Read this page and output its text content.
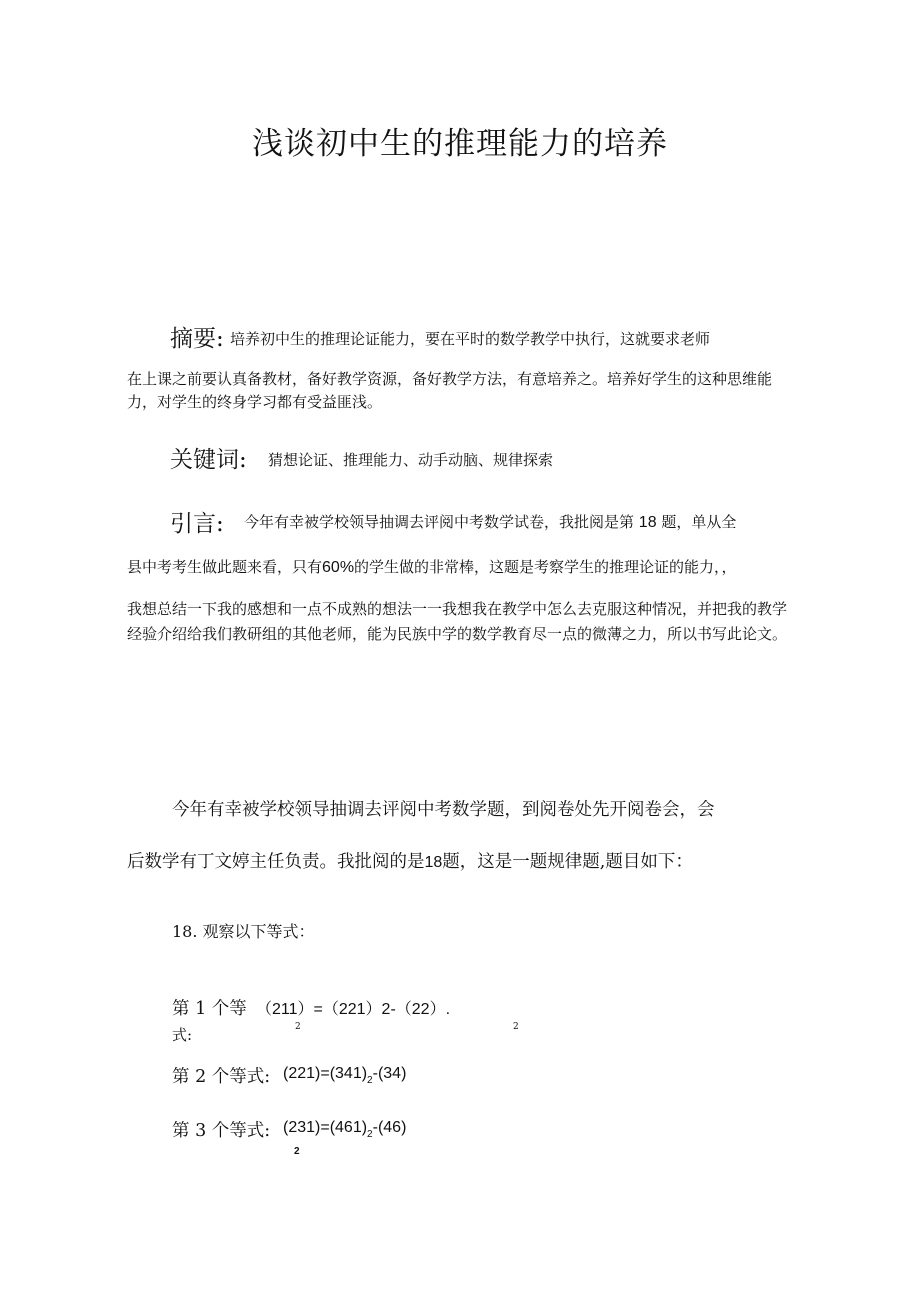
浅谈初中生的推理能力的培养
摘要: 培养初中生的推理论证能力，要在平时的数学教学中执行，这就要求老师
在上课之前要认真备教材，备好教学资源，备好教学方法，有意培养之。培养好学生的这种思维能
力，对学生的终身学习都有受益匪浅。
关键词: 猜想论证、推理能力、动手动脑、规律探索
引言: 今年有幸被学校领导抽调去评阅中考数学试卷，我批阅是第 18 题，单从全
县中考考生做此题来看，只有60%的学生做的非常棒，这题是考察学生的推理论证的能力，，
我想总结一下我的感想和一点不成熟的想法一一我想我在教学中怎么去克服这种情况，并把我的教学
经验介绍给我们教研组的其他老师，能为民族中学的数学教育尽一点的微薄之力，所以书写此论文。
今年有幸被学校领导抽调去评阅中考数学题，到阅卷处先开阅卷会，会
后数学有丁文婷主任负责。我批阅的是18题，这是一题规律题,题目如下：
18. 观察以下等式：
第 1 个等 （211）=（221）2-（22）.
式:	2	2
第 2 个等式: $(221)=(341)_2-(34)$
第 3 个等式: $(231)=(461)_2-(46)$
2
